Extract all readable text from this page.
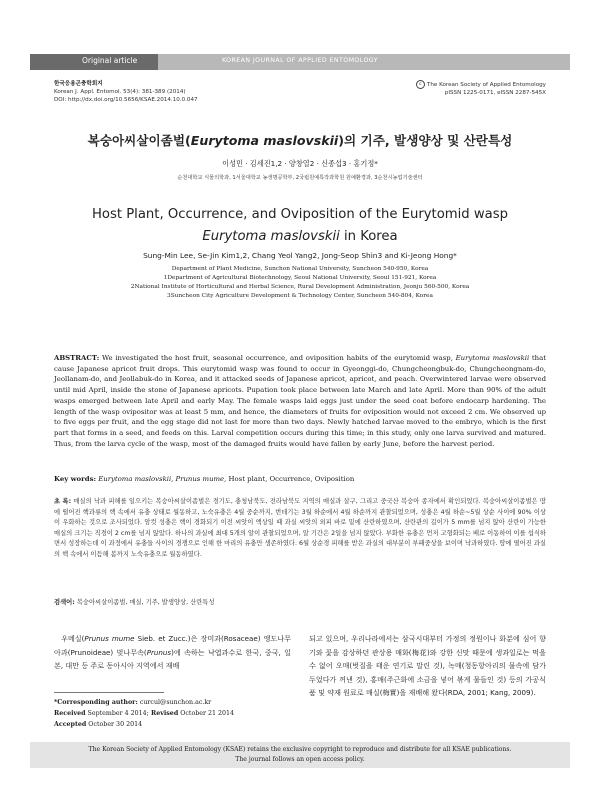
Original article	KOREAN JOURNAL OF APPLIED ENTOMOLOGY
한국응용곤충학회지
Korean J. Appl. Entomol. 53(4): 381-389 (2014)
DOI: http://dx.doi.org/10.5656/KSAE.2014.10.0.047
c The Korean Society of Applied Entomology
pISSN 1225-0171, eISSN 2287-545X
복숭아씨살이좀벌(Eurytoma maslovskii)의 기주, 발생양상 및 산란특성
이성민 · 김세진1,2 · 양창열2 · 신종섭3 · 홍기정*
순천대학교 식물의학과, 1서울대학교 농생명공학부, 2국립원예특작과학원 원예환경과, 3순천시농업기술센터
Host Plant, Occurrence, and Oviposition of the Eurytomid wasp
Eurytoma maslovskii in Korea
Sung-Min Lee, Se-Jin Kim1,2, Chang Yeol Yang2, Jong-Seop Shin3 and Ki-Jeong Hong*
Department of Plant Medicine, Sunchon National University, Suncheon 540-950, Korea
1Department of Agricultural Biotechnology, Seoul National University, Seoul 151-921, Korea
2National Institute of Horticultural and Herbal Science, Rural Development Administration, Jeonju 560-500, Korea
3Suncheon City Agriculture Development & Technology Center, Suncheon 540-804, Korea
ABSTRACT: We investigated the host fruit, seasonal occurrence, and oviposition habits of the eurytomid wasp, Eurytoma maslovskii that cause Japanese apricot fruit drops. This eurytomid wasp was found to occur in Gyeonggi-do, Chungcheongbuk-do, Chungcheongnam-do, Jeollanam-do, and Jeollabuk-do in Korea, and it attacked seeds of Japanese apricot, apricot, and peach. Overwintered larvae were observed until mid April, inside the stone of Japanese apricots. Pupation took place between late March and late April. More than 90% of the adult wasps emerged between late April and early May. The female wasps laid eggs just under the seed coat before endocarp hardening. The length of the wasp ovipositor was at least 5 mm, and hence, the diameters of fruits for oviposition would not exceed 2 cm. We observed up to five eggs per fruit, and the egg stage did not last for more than two days. Newly hatched larvae moved to the embryo, which is the first part that forms in a seed, and feeds on this. Larval competition occurs during this time; in this study, only one larva survived and matured. Thus, from the larva cycle of the wasp, most of the damaged fruits would have fallen by early June, before the harvest period.
Key words: Eurytoma maslovskii, Prunus mume, Host plant, Occurrence, Oviposition
초 록: 매실의 낙과 피해를 일으키는 복숭아씨살이좀벌은 경기도, 충청남북도, 전라남북도 지역의 매실과 살구, 그리고 중국산 복숭아 종자에서 확인되었다. 복숭아씨살이좀벌은 땅에 떨어진 핵과류의 핵 속에서 유충 상태로 월동하고, 노숙유충은 4월 중순까지, 번데기는 3월 하순에서 4월 하순까지 관찰되었으며, 성충은 4월 하순~5월 상순 사이에 90% 이상이 우화하는 것으로 조사되었다. 암컷 성충은 핵이 경화되기 이전 씨앗이 액상일 때 과실 씨앗의 외피 바로 밑에 산란하였으며, 산란관의 길이가 5 mm를 넘지 않아 산란이 가능한 매실의 크기는 직경이 2 cm를 넘지 않았다. 하나의 과실에 최대 5개의 알이 관찰되었으며, 알 기간은 2일을 넘지 않았다. 부화한 유충은 먼저 고형화되는 배로 이동하여 이를 섭식하면서 성장하는데 이 과정에서 유충들 사이의 경쟁으로 인해 한 마리의 유충만 생존하였다. 6월 상순경 피해를 받은 과실의 대부분이 부패중상을 보이며 낙과하였다. 땅에 떨어진 과실의 핵 속에서 이듬해 봄까지 노숙유충으로 월동하였다.
검색어: 복숭아씨살이좀벌, 매실, 기주, 발생양상, 산란특성
 우메실(Prunus mume Sieb. et Zucc.)은 장미과(Rosaceae) 앵도나무아과(Prunoideae) 벚나무속(Prunus)에 속하는 낙엽과수로 한국, 중국, 일본, 대만 등 주로 동아시아 지역에서 재배
되고 있으며, 우리나라에서는 삼국시대부터 가정의 정원이나 화분에 심어 향기와 꽃을 감상하던 관상용 매화(梅花)와 강한 신맛 때문에 생과일로는 먹을 수 없어 오매(벗질을 태운 연기로 말린 것), 녹매(청동항아리의 물속에 담가 두었다가 꺼낸 것), 홍매(주근화에 소금을 넣어 볶게 물들인 것) 등의 가공식품 및 약재 원료로 매실(梅實)을 재배해 왔다(RDA, 2001; Kang, 2009).
*Corresponding author: curcul@sunchon.ac.kr
Received September 4 2014; Revised October 21 2014
Accepted October 30 2014
The Korean Society of Applied Entomology (KSAE) retains the exclusive copyright to reproduce and distribute for all KSAE publications.
The journal follows an open access policy.
